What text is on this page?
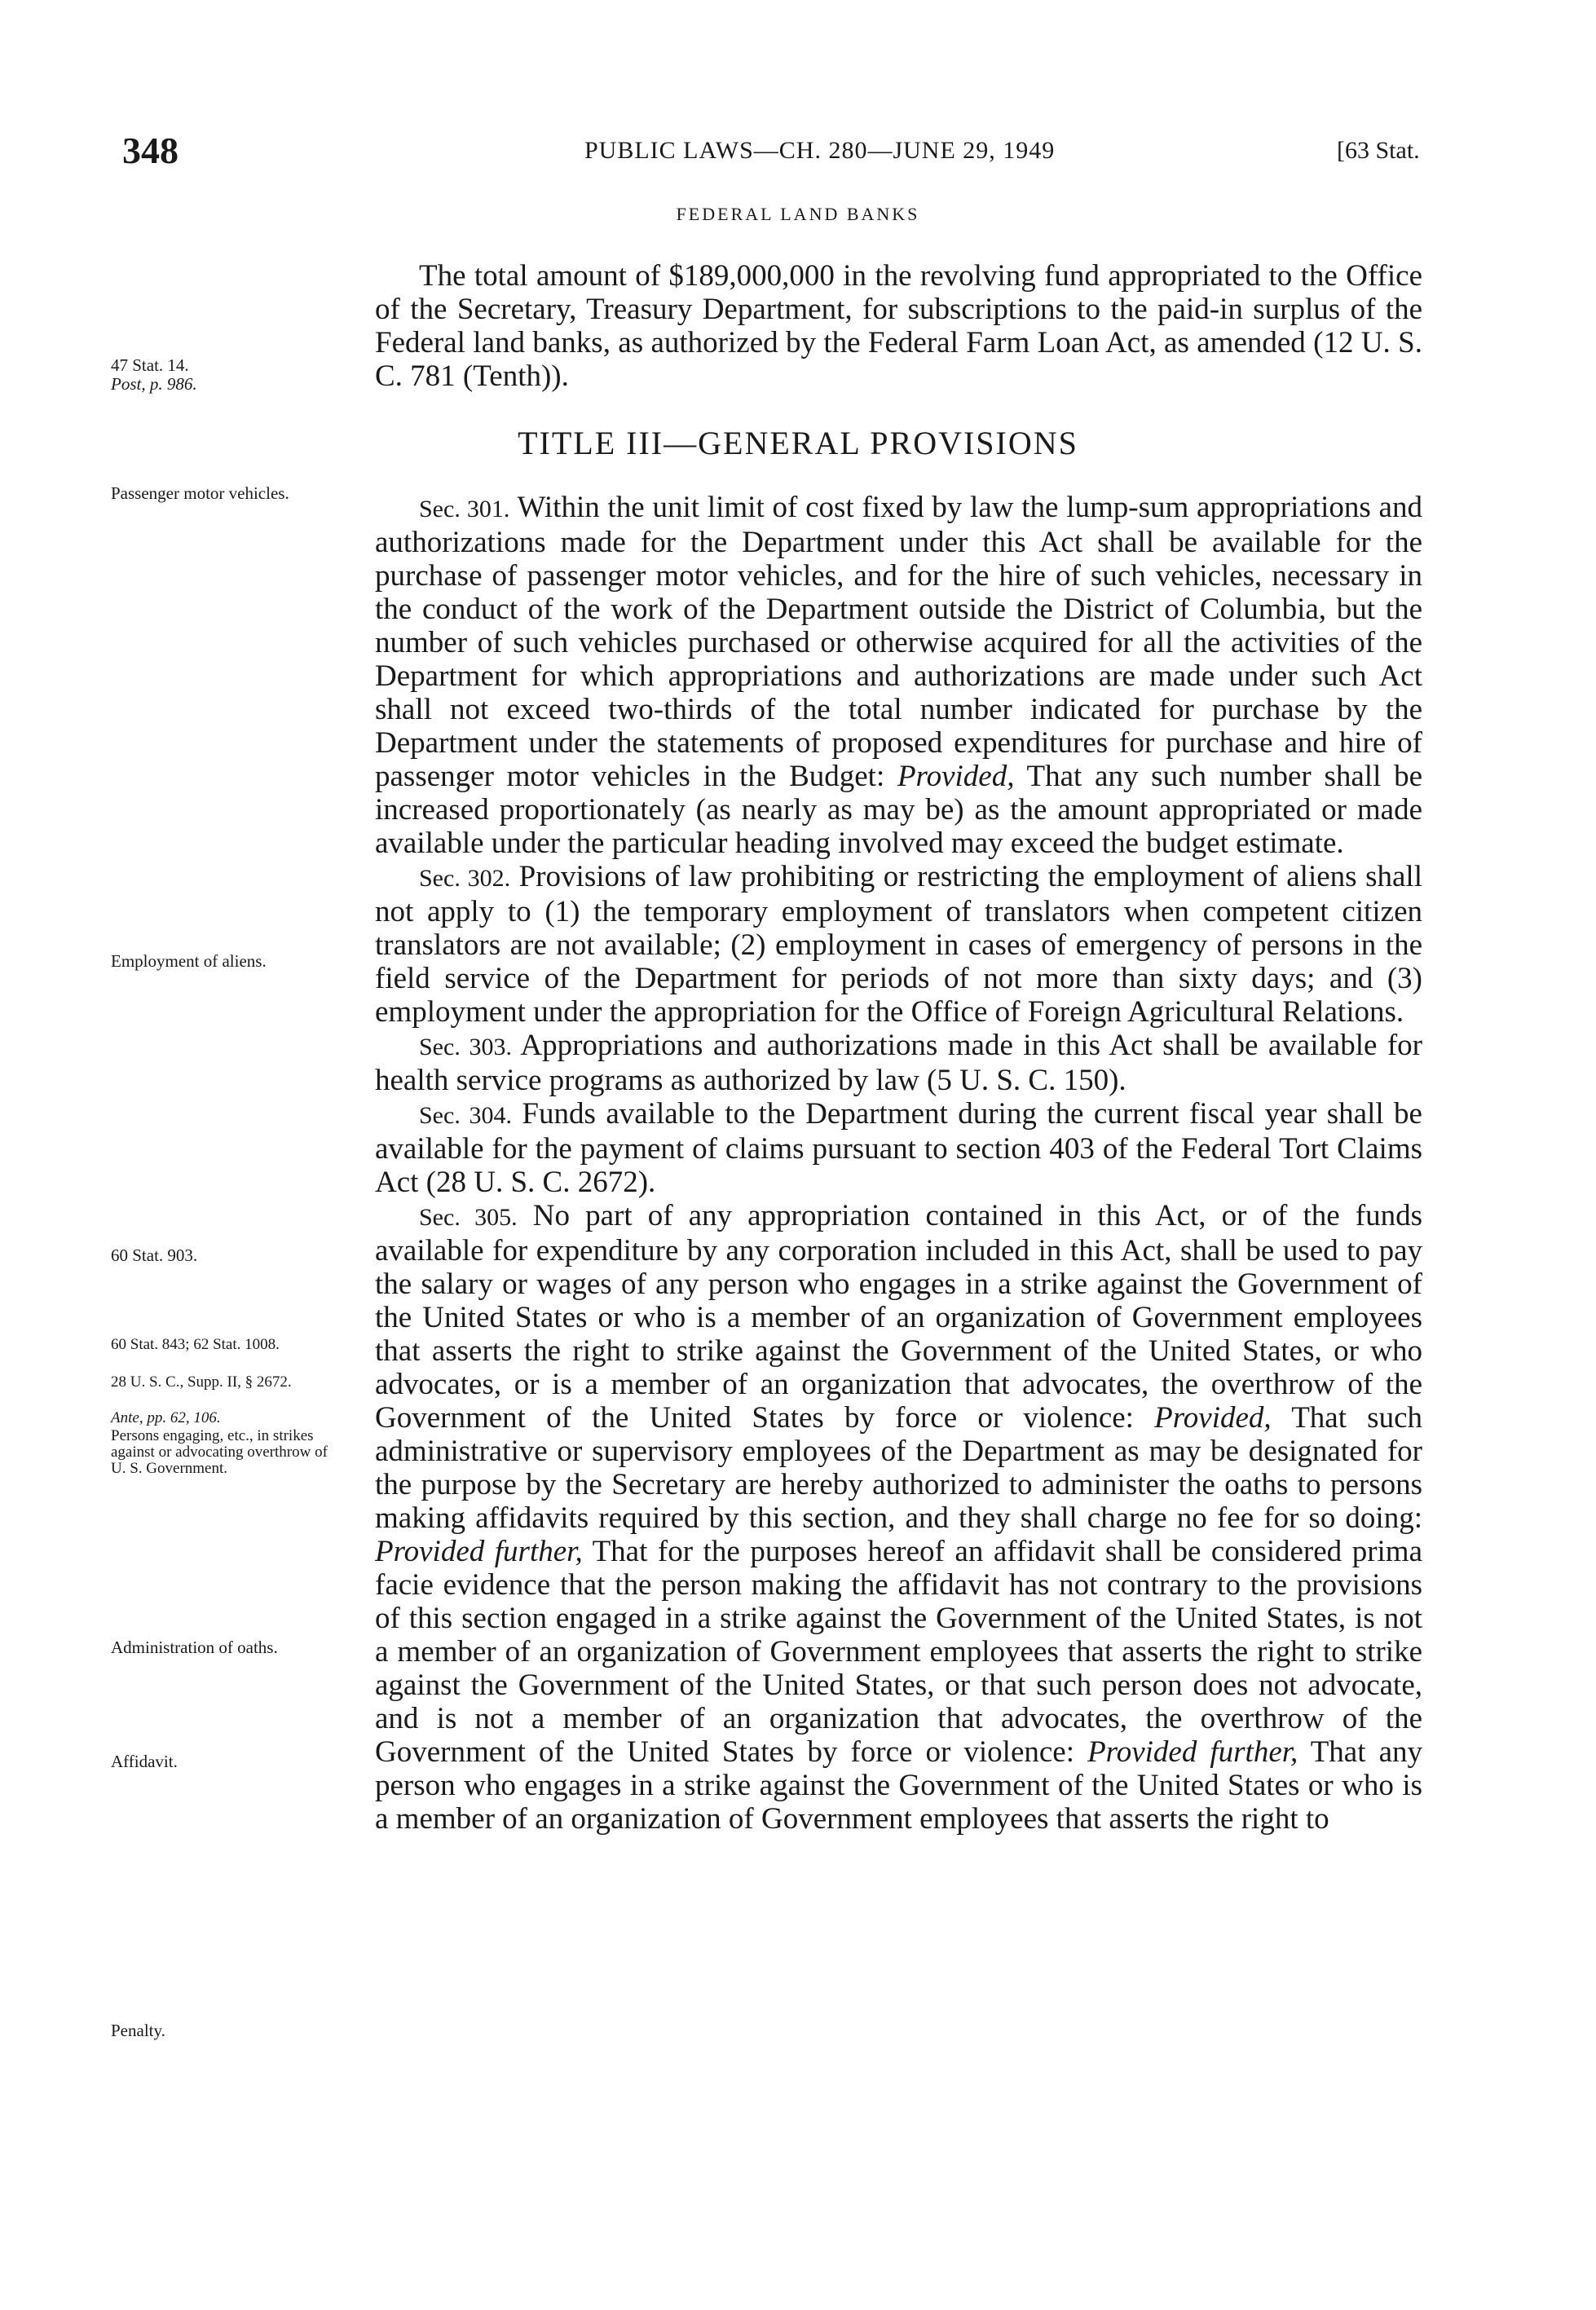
348	PUBLIC LAWS—CH. 280—JUNE 29, 1949	[63 Stat.
FEDERAL LAND BANKS

The total amount of $189,000,000 in the revolving fund appropriated to the Office of the Secretary, Treasury Department, for subscriptions to the paid-in surplus of the Federal land banks, as authorized by the Federal Farm Loan Act, as amended (12 U. S. C. 781 (Tenth)).

TITLE III—GENERAL PROVISIONS

Sec. 301. Within the unit limit of cost fixed by law the lump-sum appropriations and authorizations made for the Department under this Act shall be available for the purchase of passenger motor vehicles, and for the hire of such vehicles, necessary in the conduct of the work of the Department outside the District of Columbia, but the number of such vehicles purchased or otherwise acquired for all the activities of the Department for which appropriations and authorizations are made under such Act shall not exceed two-thirds of the total number indicated for purchase by the Department under the statements of proposed expenditures for purchase and hire of passenger motor vehicles in the Budget: Provided, That any such number shall be increased proportionately (as nearly as may be) as the amount appropriated or made available under the particular heading involved may exceed the budget estimate.

Sec. 302. Provisions of law prohibiting or restricting the employment of aliens shall not apply to (1) the temporary employment of translators when competent citizen translators are not available; (2) employment in cases of emergency of persons in the field service of the Department for periods of not more than sixty days; and (3) employment under the appropriation for the Office of Foreign Agricultural Relations.

Sec. 303. Appropriations and authorizations made in this Act shall be available for health service programs as authorized by law (5 U. S. C. 150).

Sec. 304. Funds available to the Department during the current fiscal year shall be available for the payment of claims pursuant to section 403 of the Federal Tort Claims Act (28 U. S. C. 2672).

Sec. 305. No part of any appropriation contained in this Act, or of the funds available for expenditure by any corporation included in this Act, shall be used to pay the salary or wages of any person who engages in a strike against the Government of the United States or who is a member of an organization of Government employees that asserts the right to strike against the Government of the United States, or who advocates, or is a member of an organization that advocates, the overthrow of the Government of the United States by force or violence: Provided, That such administrative or supervisory employees of the Department as may be designated for the purpose by the Secretary are hereby authorized to administer the oaths to persons making affidavits required by this section, and they shall charge no fee for so doing: Provided further, That for the purposes hereof an affidavit shall be considered prima facie evidence that the person making the affidavit has not contrary to the provisions of this section engaged in a strike against the Government of the United States, is not a member of an organization of Government employees that asserts the right to strike against the Government of the United States, or that such person does not advocate, and is not a member of an organization that advocates, the overthrow of the Government of the United States by force or violence: Provided further, That any person who engages in a strike against the Government of the United States or who is a member of an organization of Government employees that asserts the right to

47 Stat. 14.
Post, p. 986.
Passenger motor vehicles.
Employment of aliens.
60 Stat. 903.
60 Stat. 843; 62 Stat. 1008.
28 U. S. C., Supp. II, § 2672.
Ante, pp. 62, 106.
Persons engaging, etc., in strikes against or advocating overthrow of U. S. Government.
Administration of oaths.
Affidavit.
Penalty.
